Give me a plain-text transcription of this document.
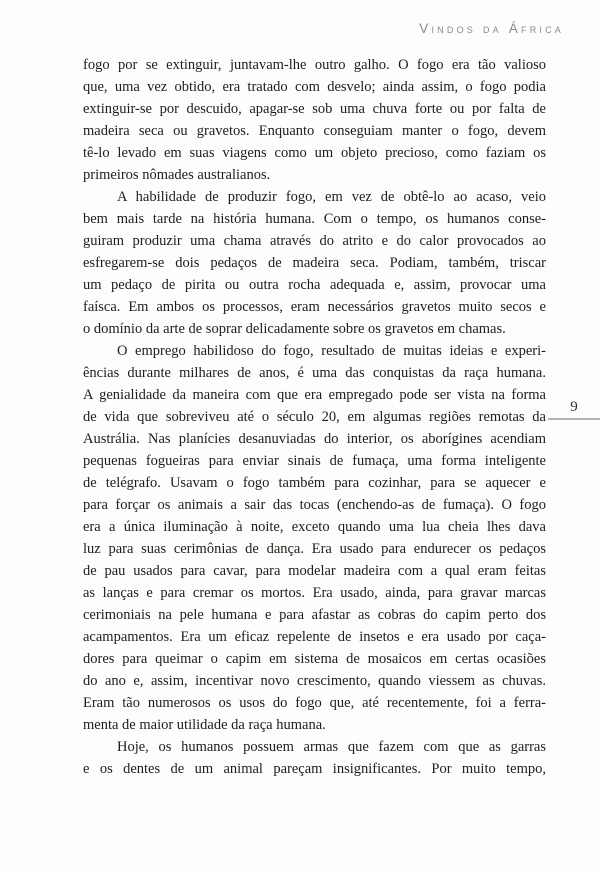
Vindos da África
fogo por se extinguir, juntavam-lhe outro galho. O fogo era tão valioso
que, uma vez obtido, era tratado com desvelo; ainda assim, o fogo podia
extinguir-se por descuido, apagar-se sob uma chuva forte ou por falta de
madeira seca ou gravetos. Enquanto conseguiam manter o fogo, devem
tê-lo levado em suas viagens como um objeto precioso, como faziam os
primeiros nômades australianos.
A habilidade de produzir fogo, em vez de obtê-lo ao acaso, veio
bem mais tarde na história humana. Com o tempo, os humanos conse-
guiram produzir uma chama através do atrito e do calor provocados ao
esfregarem-se dois pedaços de madeira seca. Podiam, também, triscar
um pedaço de pirita ou outra rocha adequada e, assim, provocar uma
faísca. Em ambos os processos, eram necessários gravetos muito secos e
o domínio da arte de soprar delicadamente sobre os gravetos em chamas.
O emprego habilidoso do fogo, resultado de muitas ideias e experi-
ências durante milhares de anos, é uma das conquistas da raça humana.
A genialidade da maneira com que era empregado pode ser vista na forma
de vida que sobreviveu até o século 20, em algumas regiões remotas da
Austrália. Nas planícies desanuviadas do interior, os aborígines acendiam
pequenas fogueiras para enviar sinais de fumaça, uma forma inteligente
de telégrafo. Usavam o fogo também para cozinhar, para se aquecer e
para forçar os animais a sair das tocas (enchendo-as de fumaça). O fogo
era a única iluminação à noite, exceto quando uma lua cheia lhes dava
luz para suas cerimônias de dança. Era usado para endurecer os pedaços
de pau usados para cavar, para modelar madeira com a qual eram feitas
as lanças e para cremar os mortos. Era usado, ainda, para gravar marcas
cerimoniais na pele humana e para afastar as cobras do capim perto dos
acampamentos. Era um eficaz repelente de insetos e era usado por caça-
dores para queimar o capim em sistema de mosaicos em certas ocasiões
do ano e, assim, incentivar novo crescimento, quando viessem as chuvas.
Eram tão numerosos os usos do fogo que, até recentemente, foi a ferra-
menta de maior utilidade da raça humana.
Hoje, os humanos possuem armas que fazem com que as garras
e os dentes de um animal pareçam insignificantes. Por muito tempo,
9
